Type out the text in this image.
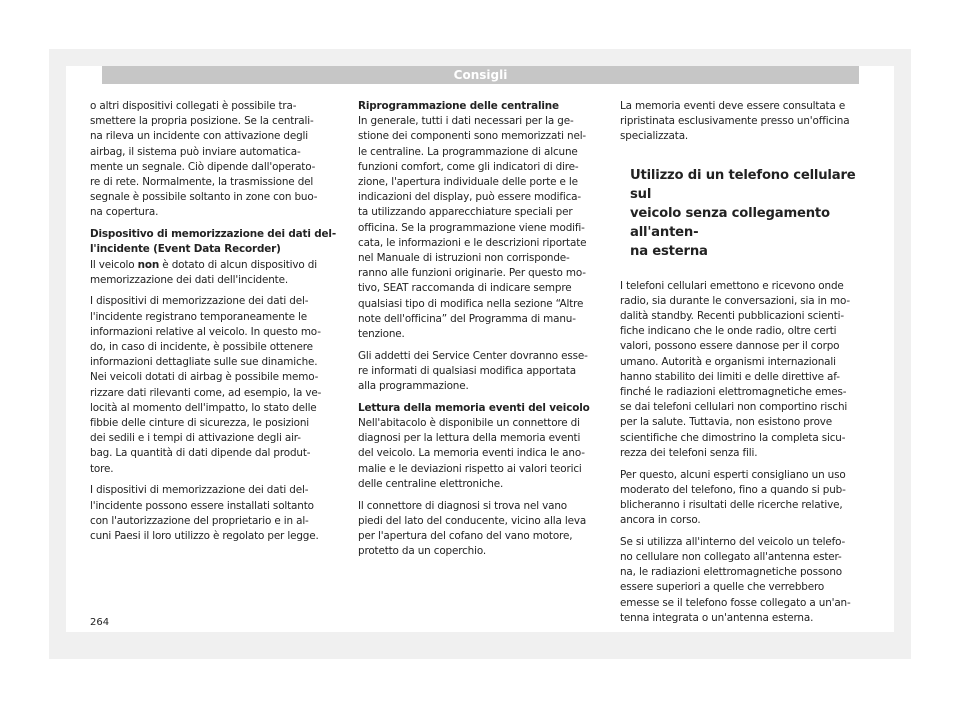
Consigli

o altri dispositivi collegati è possibile tra-
smettere la propria posizione. Se la centrali-
na rileva un incidente con attivazione degli
airbag, il sistema può inviare automatica-
mente un segnale. Ciò dipende dall'operato-
re di rete. Normalmente, la trasmissione del
segnale è possibile soltanto in zone con buo-
na copertura.

Dispositivo di memorizzazione dei dati del-
l'incidente (Event Data Recorder)

Il veicolo non è dotato di alcun dispositivo di
memorizzazione dei dati dell'incidente.

I dispositivi di memorizzazione dei dati del-
l'incidente registrano temporaneamente le
informazioni relative al veicolo. In questo mo-
do, in caso di incidente, è possibile ottenere
informazioni dettagliate sulle sue dinamiche.
Nei veicoli dotati di airbag è possibile memo-
rizzare dati rilevanti come, ad esempio, la ve-
locità al momento dell'impatto, lo stato delle
fibbie delle cinture di sicurezza, le posizioni
dei sedili e i tempi di attivazione degli air-
bag. La quantità di dati dipende dal produt-
tore.

I dispositivi di memorizzazione dei dati del-
l'incidente possono essere installati soltanto
con l'autorizzazione del proprietario e in al-
cuni Paesi il loro utilizzo è regolato per legge.

Riprogrammazione delle centraline

In generale, tutti i dati necessari per la ge-
stione dei componenti sono memorizzati nel-
le centraline. La programmazione di alcune
funzioni comfort, come gli indicatori di dire-
zione, l'apertura individuale delle porte e le
indicazioni del display, può essere modifica-
ta utilizzando apparecchiature speciali per
officina. Se la programmazione viene modifi-
cata, le informazioni e le descrizioni riportate
nel Manuale di istruzioni non corrisponde-
ranno alle funzioni originarie. Per questo mo-
tivo, SEAT raccomanda di indicare sempre
qualsiasi tipo di modifica nella sezione “Altre
note dell'officina” del Programma di manu-
tenzione.

Gli addetti dei Service Center dovranno esse-
re informati di qualsiasi modifica apportata
alla programmazione.

Lettura della memoria eventi del veicolo

Nell'abitacolo è disponibile un connettore di
diagnosi per la lettura della memoria eventi
del veicolo. La memoria eventi indica le ano-
malie e le deviazioni rispetto ai valori teorici
delle centraline elettroniche.

Il connettore di diagnosi si trova nel vano
piedi del lato del conducente, vicino alla leva
per l'apertura del cofano del vano motore,
protetto da un coperchio.

La memoria eventi deve essere consultata e
ripristinata esclusivamente presso un'officina
specializzata.

Utilizzo di un telefono cellulare sul
veicolo senza collegamento all'anten-
na esterna

I telefoni cellulari emettono e ricevono onde
radio, sia durante le conversazioni, sia in mo-
dalità standby. Recenti pubblicazioni scienti-
fiche indicano che le onde radio, oltre certi
valori, possono essere dannose per il corpo
umano. Autorità e organismi internazionali
hanno stabilito dei limiti e delle direttive af-
finché le radiazioni elettromagnetiche emes-
se dai telefoni cellulari non comportino rischi
per la salute. Tuttavia, non esistono prove
scientifiche che dimostrino la completa sicu-
rezza dei telefoni senza fili.

Per questo, alcuni esperti consigliano un uso
moderato del telefono, fino a quando si pub-
blicheranno i risultati delle ricerche relative,
ancora in corso.

Se si utilizza all'interno del veicolo un telefo-
no cellulare non collegato all'antenna ester-
na, le radiazioni elettromagnetiche possono
essere superiori a quelle che verrebbero
emesse se il telefono fosse collegato a un'an-
tenna integrata o un'antenna esterna.

264
